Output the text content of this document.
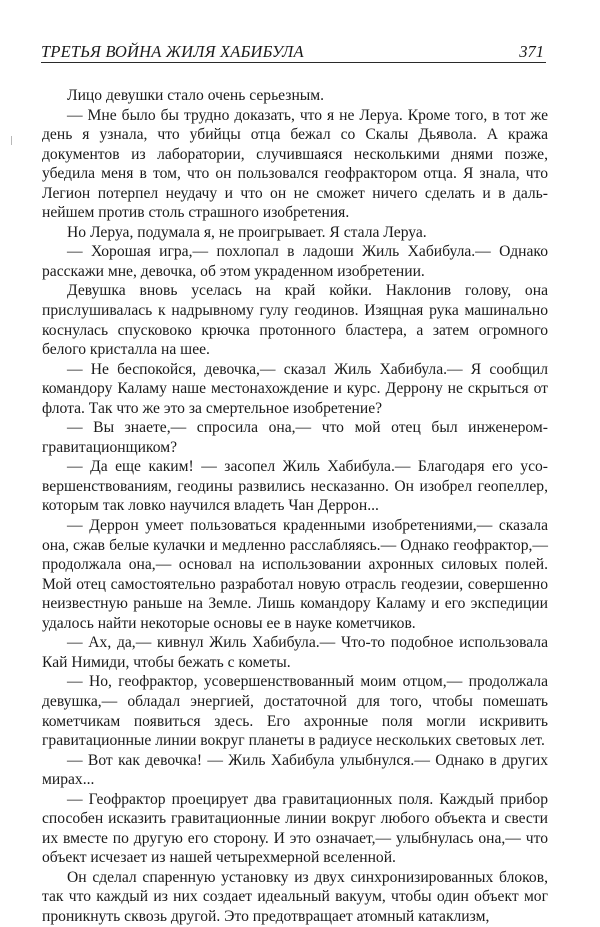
ТРЕТЬЯ ВОЙНА ЖИЛЯ ХАБИБУЛА	371

Лицо девушки стало очень серьезным.

— Мне было бы трудно доказать, что я не Леруа. Кроме того, в тот же день я узнала, что убийцы отца бежал со Скалы Дьявола. А кража документов из лаборатории, случившаяся несколькими днями позже, убедила меня в том, что он пользовался геофрактором отца. Я знала, что Легион потерпел неудачу и что он не сможет ничего сделать и в дальнейшем против столь страшного изобретения.

Но Леруа, подумала я, не проигрывает. Я стала Леруа.

— Хорошая игра,— похлопал в ладоши Жиль Хабибула.— Однако расскажи мне, девочка, об этом украденном изобретении.

Девушка вновь уселась на край койки. Наклонив голову, она прислушивалась к надрывному гулу геодинов. Изящная рука машинально коснулась спусковоко крючка протонного бластера, а затем огромного белого кристалла на шее.

— Не беспокойся, девочка,— сказал Жиль Хабибула.— Я сообщил командору Каламу наше местонахождение и курс. Деррону не скрыться от флота. Так что же это за смертельное изобретение?

— Вы знаете,— спросила она,— что мой отец был инженером-гравитационщиком?

— Да еще каким! — засопел Жиль Хабибула.— Благодаря его усовершенствованиям, геодины развились несказанно. Он изобрел геопеллер, которым так ловко научился владеть Чан Деррон...

— Деррон умеет пользоваться краденными изобретениями,— сказала она, сжав белые кулачки и медленно расслабляясь.— Однако геофрактор,— продолжала она,— основал на использовании ахронных силовых полей. Мой отец самостоятельно разработал новую отрасль геодезии, совершенно неизвестную раньше на Земле. Лишь командору Каламу и его экспедиции удалось найти некоторые основы ее в науке кометчиков.

— Ах, да,— кивнул Жиль Хабибула.— Что-то подобное использовала Кай Нимиди, чтобы бежать с кометы.

— Но, геофрактор, усовершенствованный моим отцом,— продолжала девушка,— обладал энергией, достаточной для того, чтобы помешать кометчикам появиться здесь. Его ахронные поля могли искривить гравитационные линии вокруг планеты в радиусе нескольких световых лет.

— Вот как девочка! — Жиль Хабибула улыбнулся.— Однако в других мирах...

— Геофрактор проецирует два гравитационных поля. Каждый прибор способен исказить гравитационные линии вокруг любого объекта и свести их вместе по другую его сторону. И это означает,— улыбнулась она,— что объект исчезает из нашей четырехмерной вселенной.

Он сделал спаренную установку из двух синхронизированных блоков, так что каждый из них создает идеальный вакуум, чтобы один объект мог проникнуть сквозь другой. Это предотвращает атомный катаклизм,
